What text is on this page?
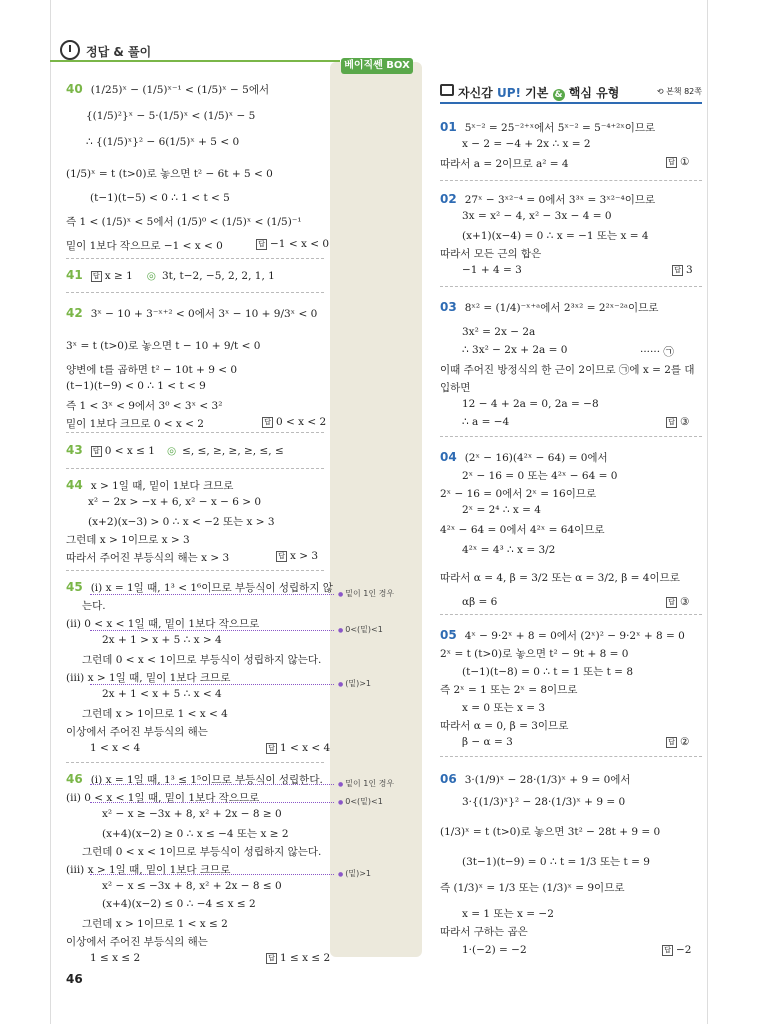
정답 & 풀이
베이직쎈 BOX
40 (1/25)ˣ − (1/5)ˣ⁻¹ < (1/5)ˣ − 5에서
{(1/5)²}ˣ − 5·(1/5)ˣ < (1/5)ˣ − 5
∴ {(1/5)ˣ}² − 6(1/5)ˣ + 5 < 0
(1/5)ˣ = t (t>0)로 놓으면 t² − 6t + 5 < 0
(t−1)(t−5) < 0 ∴ 1 < t < 5
즉 1 < (1/5)ˣ < 5에서 (1/5)⁰ < (1/5)ˣ < (1/5)⁻¹
밑이 1보다 작으므로 −1 < x < 0	답 −1 < x < 0
41 답 x ≥ 1 ◎ 3t, t−2, −5, 2, 2, 1, 1
42 3ˣ − 10 + 3⁻ˣ⁺² < 0에서 3ˣ − 10 + 9/3ˣ < 0
3ˣ = t (t>0)로 놓으면 t − 10 + 9/t < 0
양변에 t를 곱하면 t² − 10t + 9 < 0
(t−1)(t−9) < 0 ∴ 1 < t < 9
즉 1 < 3ˣ < 9에서 3⁰ < 3ˣ < 3²
밑이 1보다 크므로 0 < x < 2	답 0 < x < 2
43 답 0 < x ≤ 1 ◎ ≤, ≤, ≥, ≥, ≥, ≤, ≤
44 x > 1일 때, 밑이 1보다 크므로
x² − 2x > −x + 6, x² − x − 6 > 0
(x+2)(x−3) > 0 ∴ x < −2 또는 x > 3
그런데 x > 1이므로 x > 3
따라서 주어진 부등식의 해는 x > 3	답 x > 3
45 (i) x = 1일 때, 1³ < 1⁶이므로 부등식이 성립하지 않
는다.
(ii) 0 < x < 1일 때, 밑이 1보다 작으므로
2x + 1 > x + 5 ∴ x > 4
그런데 0 < x < 1이므로 부등식이 성립하지 않는다.
(iii) x > 1일 때, 밑이 1보다 크므로
2x + 1 < x + 5 ∴ x < 4
그런데 x > 1이므로 1 < x < 4
이상에서 주어진 부등식의 해는
1 < x < 4	답 1 < x < 4
46 (i) x = 1일 때, 1³ ≤ 1⁵이므로 부등식이 성립한다.
(ii) 0 < x < 1일 때, 밑이 1보다 작으므로
x² − x ≥ −3x + 8, x² + 2x − 8 ≥ 0
(x+4)(x−2) ≥ 0 ∴ x ≤ −4 또는 x ≥ 2
그런데 0 < x < 1이므로 부등식이 성립하지 않는다.
(iii) x > 1일 때, 밑이 1보다 크므로
x² − x ≤ −3x + 8, x² + 2x − 8 ≤ 0
(x+4)(x−2) ≤ 0 ∴ −4 ≤ x ≤ 2
그런데 x > 1이므로 1 < x ≤ 2
이상에서 주어진 부등식의 해는
1 ≤ x ≤ 2	답 1 ≤ x ≤ 2
● 밑이 1인 경우
● 0<(밑)<1
● (밑)>1
● 밑이 1인 경우
● 0<(밑)<1
● (밑)>1
자신감 UP! 기본 & 핵심 유형	⟲ 본책 82쪽
01 5ˣ⁻² = 25⁻²⁺ˣ에서 5ˣ⁻² = 5⁻⁴⁺²ˣ이므로
x − 2 = −4 + 2x ∴ x = 2
따라서 a = 2이므로 a² = 4	답 ①
02 27ˣ − 3ˣ²⁻⁴ = 0에서 3³ˣ = 3ˣ²⁻⁴이므로
3x = x² − 4, x² − 3x − 4 = 0
(x+1)(x−4) = 0 ∴ x = −1 또는 x = 4
따라서 모든 근의 합은
−1 + 4 = 3	답 3
03 8ˣ² = (1/4)⁻ˣ⁺ᵃ에서 2³ˣ² = 2²ˣ⁻²ᵃ이므로
3x² = 2x − 2a
∴ 3x² − 2x + 2a = 0	······ ㉠
이때 주어진 방정식의 한 근이 2이므로 ㉠에 x = 2를 대
입하면
12 − 4 + 2a = 0, 2a = −8
∴ a = −4	답 ③
04 (2ˣ − 16)(4²ˣ − 64) = 0에서
2ˣ − 16 = 0 또는 4²ˣ − 64 = 0
2ˣ − 16 = 0에서 2ˣ = 16이므로
2ˣ = 2⁴ ∴ x = 4
4²ˣ − 64 = 0에서 4²ˣ = 64이므로
4²ˣ = 4³ ∴ x = 3/2
따라서 α = 4, β = 3/2 또는 α = 3/2, β = 4이므로
αβ = 6	답 ③
05 4ˣ − 9·2ˣ + 8 = 0에서 (2ˣ)² − 9·2ˣ + 8 = 0
2ˣ = t (t>0)로 놓으면 t² − 9t + 8 = 0
(t−1)(t−8) = 0 ∴ t = 1 또는 t = 8
즉 2ˣ = 1 또는 2ˣ = 8이므로
x = 0 또는 x = 3
따라서 α = 0, β = 3이므로
β − α = 3	답 ②
06 3·(1/9)ˣ − 28·(1/3)ˣ + 9 = 0에서
3·{(1/3)ˣ}² − 28·(1/3)ˣ + 9 = 0
(1/3)ˣ = t (t>0)로 놓으면 3t² − 28t + 9 = 0
(3t−1)(t−9) = 0 ∴ t = 1/3 또는 t = 9
즉 (1/3)ˣ = 1/3 또는 (1/3)ˣ = 9이므로
x = 1 또는 x = −2
따라서 구하는 곱은
1·(−2) = −2	답 −2
46
